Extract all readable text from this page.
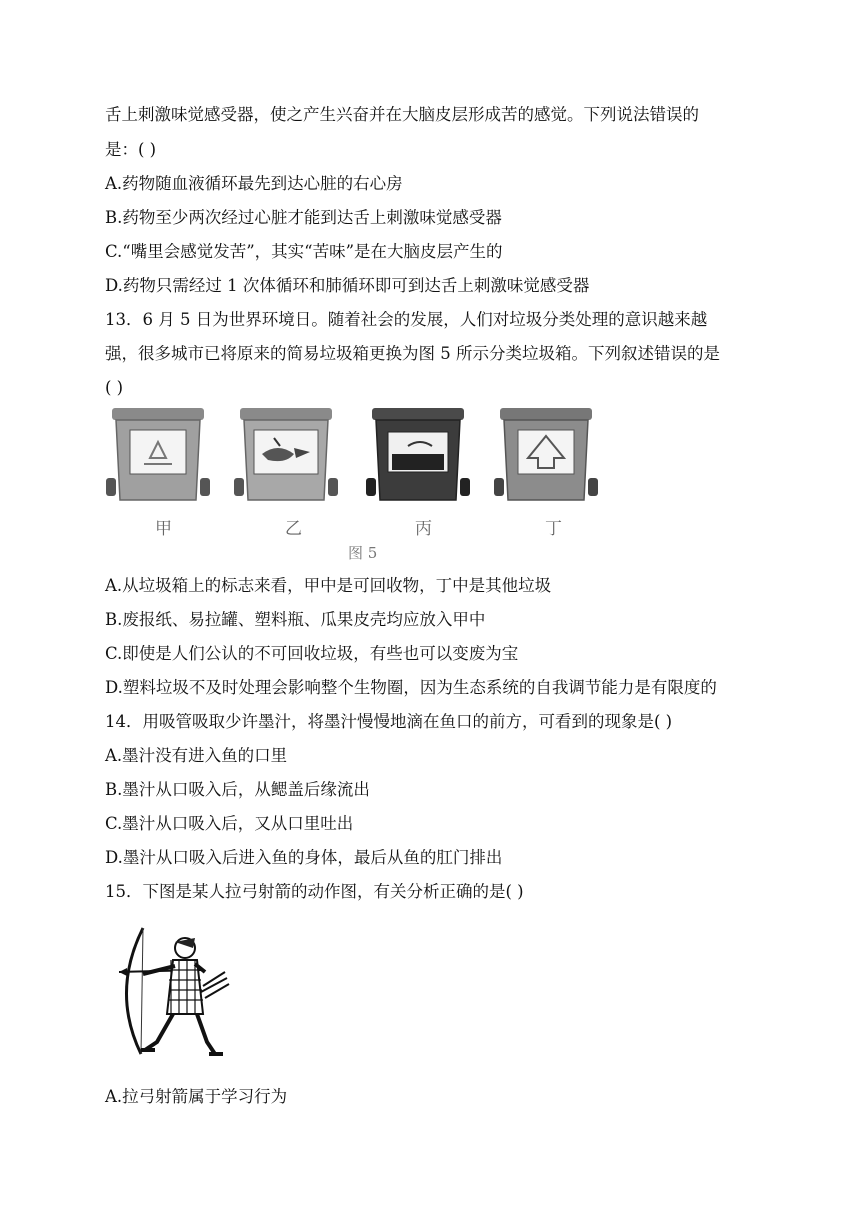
舌上刺激味觉感受器，使之产生兴奋并在大脑皮层形成苦的感觉。下列说法错误的
是：( )
A.药物随血液循环最先到达心脏的右心房
B.药物至少两次经过心脏才能到达舌上刺激味觉感受器
C.“嘴里会感觉发苦”，其实“苦味”是在大脑皮层产生的
D.药物只需经过 1 次体循环和肺循环即可到达舌上刺激味觉感受器
13．6 月 5 日为世界环境日。随着社会的发展，人们对垃圾分类处理的意识越来越
强，很多城市已将原来的简易垃圾箱更换为图 5 所示分类垃圾箱。下列叙述错误的是
( )
甲	乙	丙	丁
图 5
A.从垃圾箱上的标志来看，甲中是可回收物，丁中是其他垃圾
B.废报纸、易拉罐、塑料瓶、瓜果皮壳均应放入甲中
C.即使是人们公认的不可回收垃圾，有些也可以变废为宝
D.塑料垃圾不及时处理会影响整个生物圈，因为生态系统的自我调节能力是有限度的
14．用吸管吸取少许墨汁，将墨汁慢慢地滴在鱼口的前方，可看到的现象是( )
A.墨汁没有进入鱼的口里
B.墨汁从口吸入后，从鳃盖后缘流出
C.墨汁从口吸入后，又从口里吐出
D.墨汁从口吸入后进入鱼的身体，最后从鱼的肛门排出
15．下图是某人拉弓射箭的动作图，有关分析正确的是( )
A.拉弓射箭属于学习行为
